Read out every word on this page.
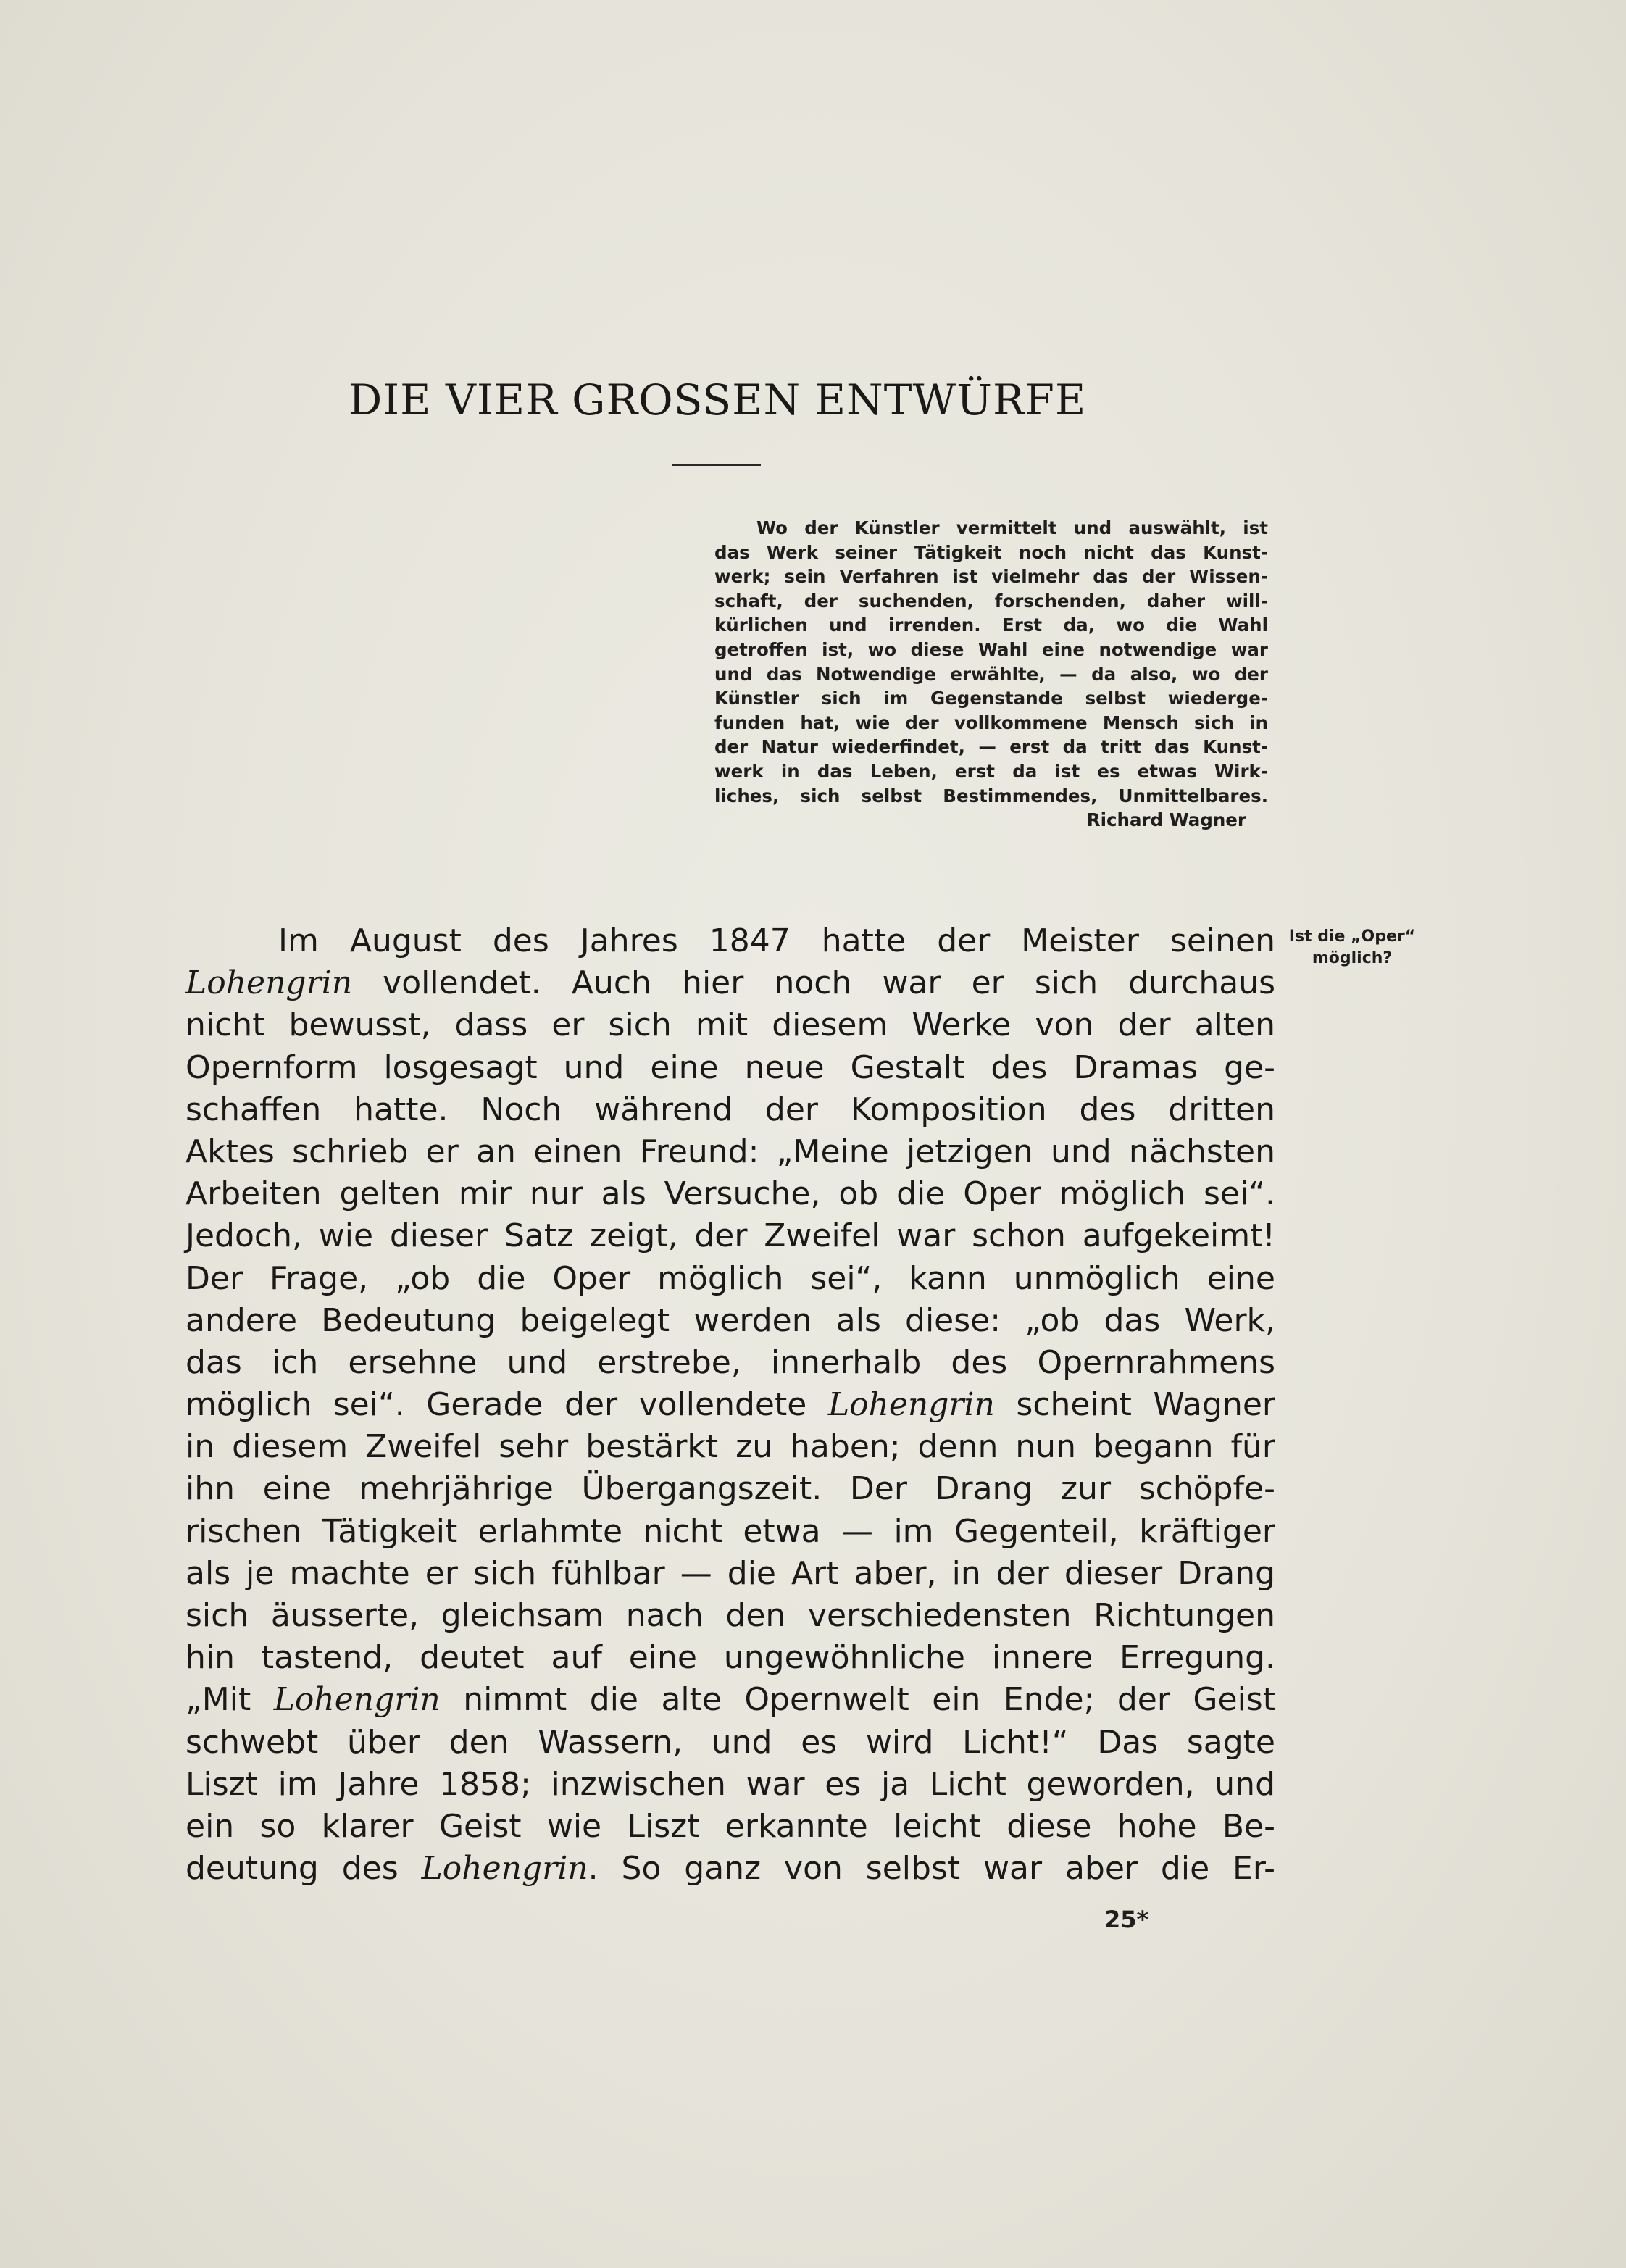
DIE VIER GROSSEN ENTWÜRFE
Wo der Künstler vermittelt und auswählt, ist
das Werk seiner Tätigkeit noch nicht das Kunst-
werk; sein Verfahren ist vielmehr das der Wissen-
schaft, der suchenden, forschenden, daher will-
kürlichen und irrenden. Erst da, wo die Wahl
getroffen ist, wo diese Wahl eine notwendige war
und das Notwendige erwählte, — da also, wo der
Künstler sich im Gegenstande selbst wiederge-
funden hat, wie der vollkommene Mensch sich in
der Natur wiederfindet, — erst da tritt das Kunst-
werk in das Leben, erst da ist es etwas Wirk-
liches, sich selbst Bestimmendes, Unmittelbares.
Richard Wagner
Ist die „Oper“
möglich?
Im August des Jahres 1847 hatte der Meister seinen
Lohengrin vollendet. Auch hier noch war er sich durchaus
nicht bewusst, dass er sich mit diesem Werke von der alten
Opernform losgesagt und eine neue Gestalt des Dramas ge-
schaffen hatte. Noch während der Komposition des dritten
Aktes schrieb er an einen Freund: „Meine jetzigen und nächsten
Arbeiten gelten mir nur als Versuche, ob die Oper möglich sei“.
Jedoch, wie dieser Satz zeigt, der Zweifel war schon aufgekeimt!
Der Frage, „ob die Oper möglich sei“, kann unmöglich eine
andere Bedeutung beigelegt werden als diese: „ob das Werk,
das ich ersehne und erstrebe, innerhalb des Opernrahmens
möglich sei“. Gerade der vollendete Lohengrin scheint Wagner
in diesem Zweifel sehr bestärkt zu haben; denn nun begann für
ihn eine mehrjährige Übergangszeit. Der Drang zur schöpfe-
rischen Tätigkeit erlahmte nicht etwa — im Gegenteil, kräftiger
als je machte er sich fühlbar — die Art aber, in der dieser Drang
sich äusserte, gleichsam nach den verschiedensten Richtungen
hin tastend, deutet auf eine ungewöhnliche innere Erregung.
„Mit Lohengrin nimmt die alte Opernwelt ein Ende; der Geist
schwebt über den Wassern, und es wird Licht!“ Das sagte
Liszt im Jahre 1858; inzwischen war es ja Licht geworden, und
ein so klarer Geist wie Liszt erkannte leicht diese hohe Be-
deutung des Lohengrin. So ganz von selbst war aber die Er-
25*
